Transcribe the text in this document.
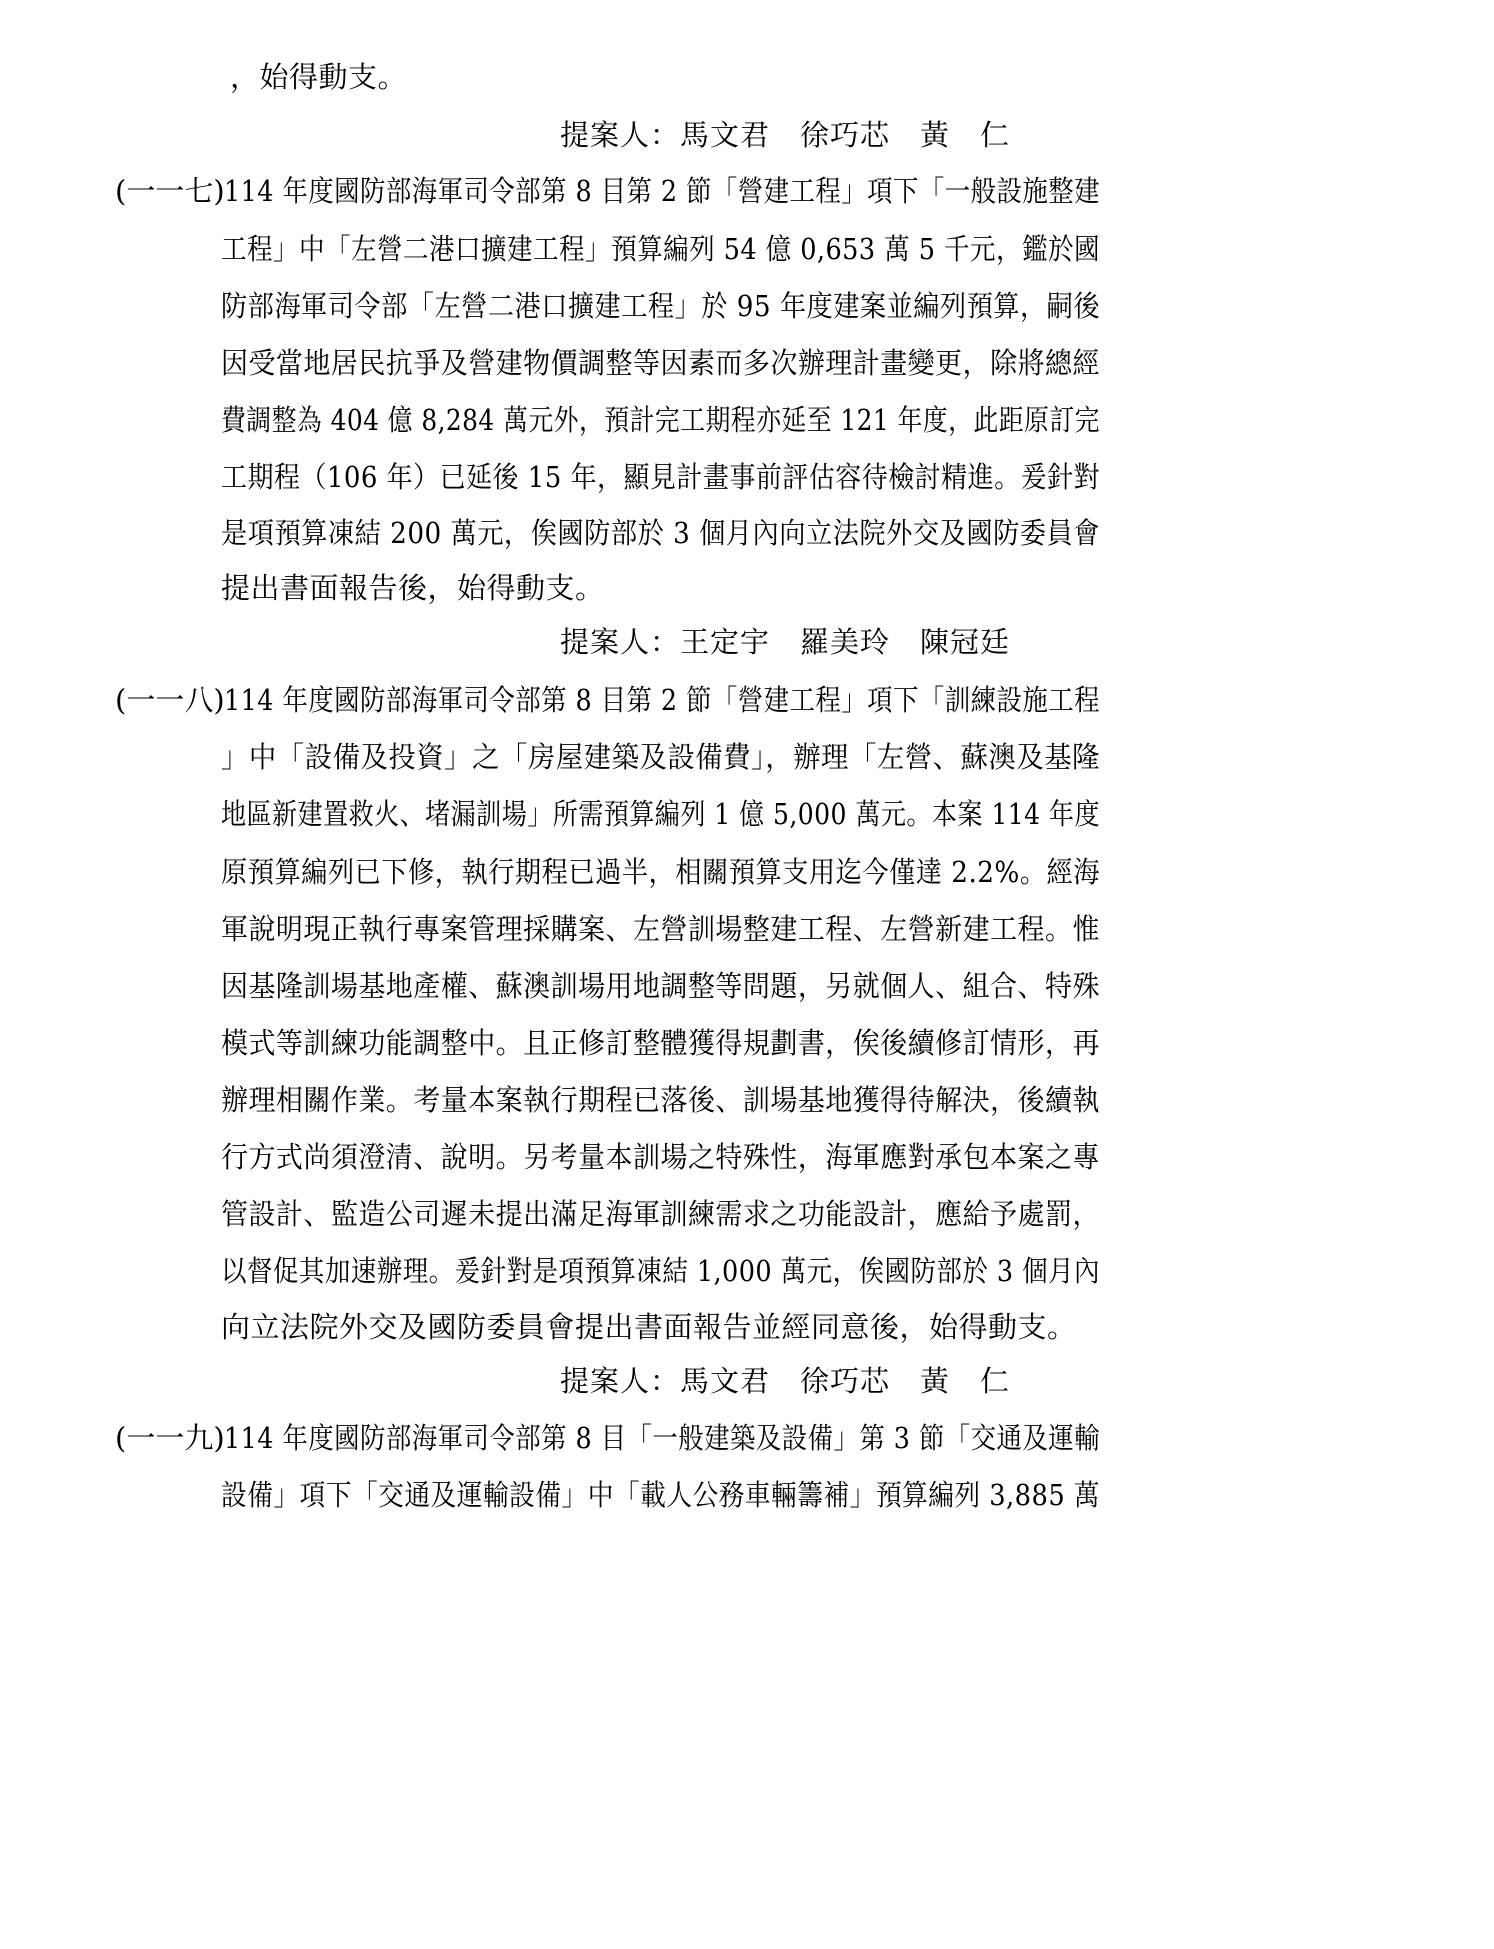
，始得動支。
提案人：馬文君　徐巧芯　黃　仁
(一一七) 114 年度國防部海軍司令部第 8 目第 2 節「營建工程」項下「一般設施整建
工程」中「左營二港口擴建工程」預算編列 54 億 0,653 萬 5 千元，鑑於國
防部海軍司令部「左營二港口擴建工程」於 95 年度建案並編列預算，嗣後
因受當地居民抗爭及營建物價調整等因素而多次辦理計畫變更，除將總經
費調整為 404 億 8,284 萬元外，預計完工期程亦延至 121 年度，此距原訂完
工期程（106 年）已延後 15 年，顯見計畫事前評估容待檢討精進。爰針對
是項預算凍結 200 萬元，俟國防部於 3 個月內向立法院外交及國防委員會
提出書面報告後，始得動支。
提案人：王定宇　羅美玲　陳冠廷
(一一八) 114 年度國防部海軍司令部第 8 目第 2 節「營建工程」項下「訓練設施工程
」中「設備及投資」之「房屋建築及設備費」，辦理「左營、蘇澳及基隆
地區新建置救火、堵漏訓場」所需預算編列 1 億 5,000 萬元。本案 114 年度
原預算編列已下修，執行期程已過半，相關預算支用迄今僅達 2.2%。經海
軍說明現正執行專案管理採購案、左營訓場整建工程、左營新建工程。惟
因基隆訓場基地產權、蘇澳訓場用地調整等問題，另就個人、組合、特殊
模式等訓練功能調整中。且正修訂整體獲得規劃書，俟後續修訂情形，再
辦理相關作業。考量本案執行期程已落後、訓場基地獲得待解決，後續執
行方式尚須澄清、說明。另考量本訓場之特殊性，海軍應對承包本案之專
管設計、監造公司遲未提出滿足海軍訓練需求之功能設計，應給予處罰，
以督促其加速辦理。爰針對是項預算凍結 1,000 萬元，俟國防部於 3 個月內
向立法院外交及國防委員會提出書面報告並經同意後，始得動支。
提案人：馬文君　徐巧芯　黃　仁
(一一九) 114 年度國防部海軍司令部第 8 目「一般建築及設備」第 3 節「交通及運輸
設備」項下「交通及運輸設備」中「載人公務車輛籌補」預算編列 3,885 萬
